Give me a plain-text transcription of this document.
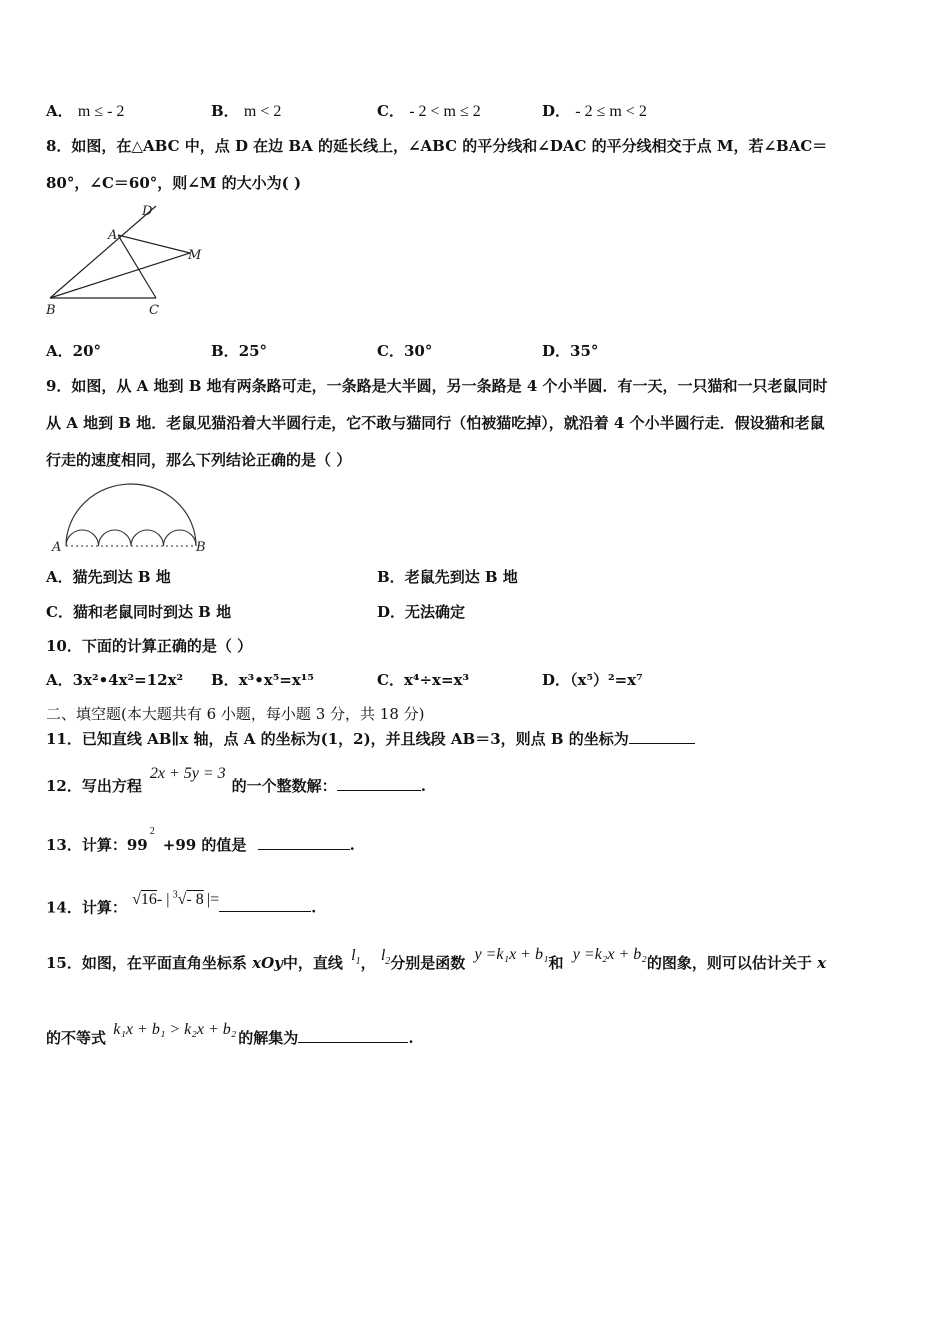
A． m ≤ - 2	B． m < 2	C． - 2 < m ≤ 2	D． - 2 ≤ m < 2
8．如图，在△ABC 中，点 D 在边 BA 的延长线上，∠ABC 的平分线和∠DAC 的平分线相交于点 M，若∠BAC＝
80°，∠C＝60°，则∠M 的大小为( )
D
A
M
B	C
A．20°	B．25°	C．30°	D．35°
9．如图，从 A 地到 B 地有两条路可走，一条路是大半圆，另一条路是 4 个小半圆．有一天，一只猫和一只老鼠同时
从 A 地到 B 地．老鼠见猫沿着大半圆行走，它不敢与猫同行（怕被猫吃掉），就沿着 4 个小半圆行走．假设猫和老鼠
行走的速度相同，那么下列结论正确的是（ ）
A	B
A．猫先到达 B 地	B．老鼠先到达 B 地
C．猫和老鼠同时到达 B 地	D．无法确定
10．下面的计算正确的是（ ）
A．3x²•4x²=12x² B．x³•x⁵=x¹⁵	C．x⁴÷x=x³	D．（x⁵）²=x⁷
二、填空题(本大题共有 6 小题，每小题 3 分，共 18 分)
11．已知直线 AB∥x 轴，点 A 的坐标为(1，2)，并且线段 AB＝3，则点 B 的坐标为
12．写出方程2x + 5y = 3的一个整数解：	.
13．计算：$99^2+99$ 的值是	.
14．计算： √16- | $^3$√- 8 |=	.
15．如图，在平面直角坐标系 xOy中，直线 $l_1$， $l_2$分别是函数 y =k₁x + b₁和 y =k₂x + b₂的图象，则可以估计关于 x
的不等式 k₁x + b₁ > k₂x + b₂ 的解集为	.
